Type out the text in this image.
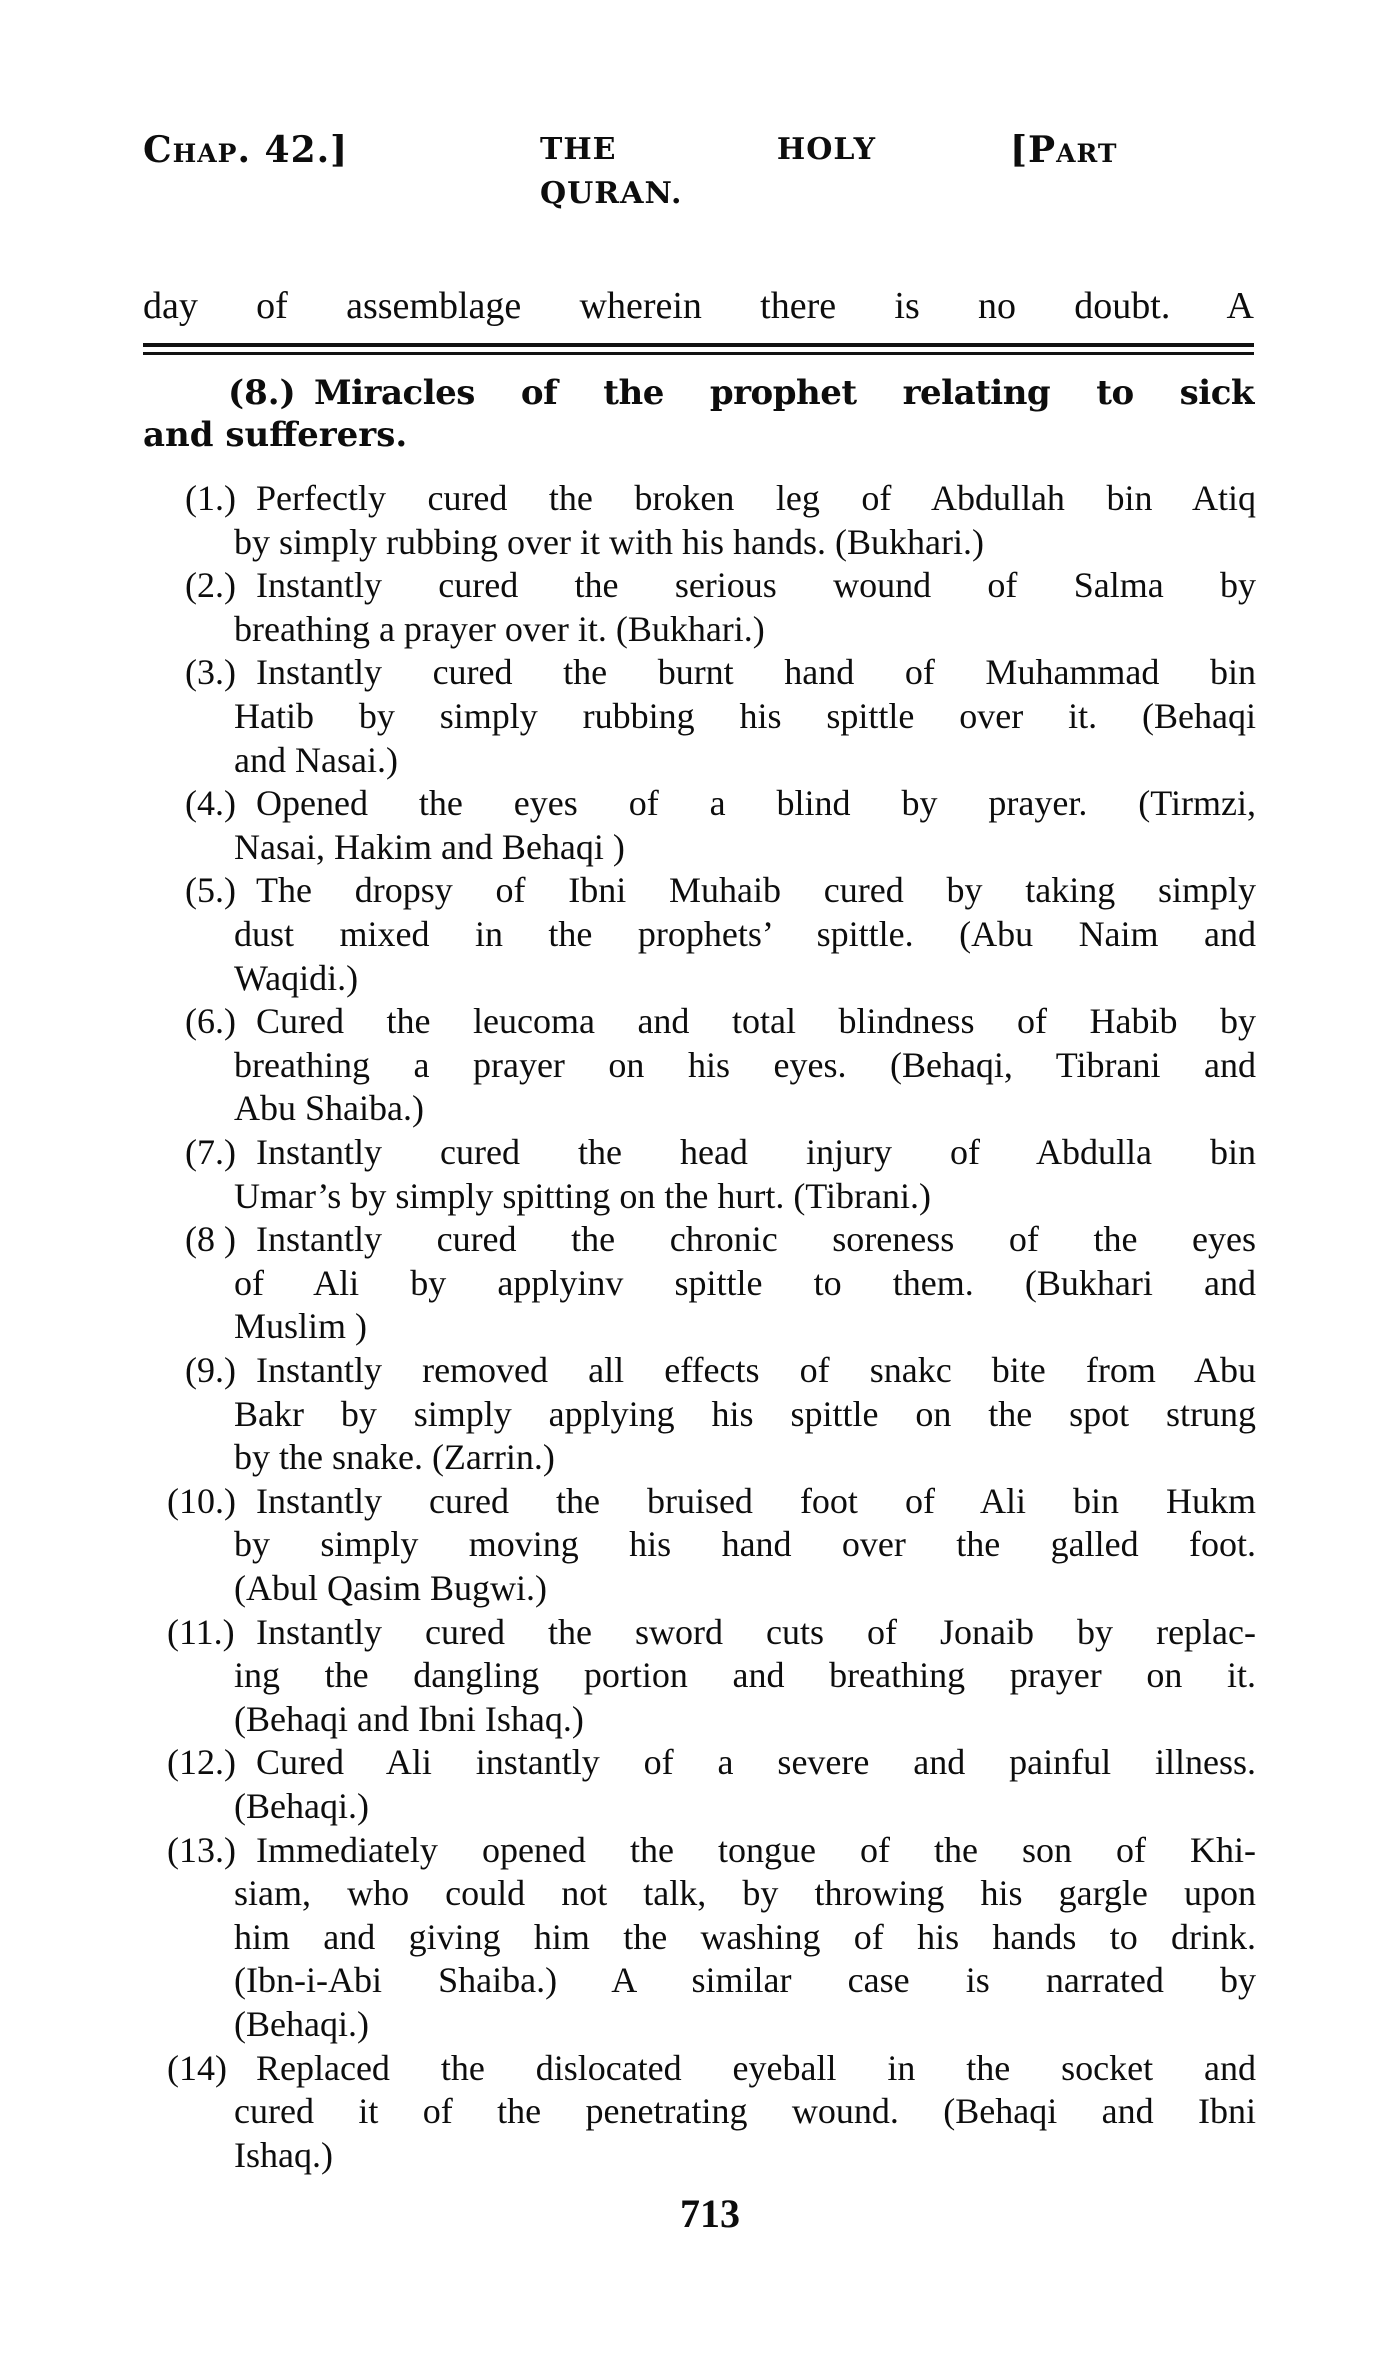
Chap. 42.]	THE HOLY QURAN.
[Part
day of assemblage wherein there is no doubt. A
(8.) Miracles of the prophet relating to sick
and sufferers.
(1.) Perfectly cured the broken leg of Abdullah bin Atiq
by simply rubbing over it with his hands. (Bukhari.)
(2.) Instantly cured the serious wound of Salma by
breathing a prayer over it. (Bukhari.)
(3.) Instantly cured the burnt hand of Muhammad bin
Hatib by simply rubbing his spittle over it. (Behaqi
and Nasai.)
(4.) Opened the eyes of a blind by prayer. (Tirmzi,
Nasai, Hakim and Behaqi )
(5.) The dropsy of Ibni Muhaib cured by taking simply
dust mixed in the prophets’ spittle. (Abu Naim and
Waqidi.)
(6.) Cured the leucoma and total blindness of Habib by
breathing a prayer on his eyes. (Behaqi, Tibrani and
Abu Shaiba.)
(7.) Instantly cured the head injury of Abdulla bin
Umar’s by simply spitting on the hurt. (Tibrani.)
(8 ) Instantly cured the chronic soreness of the eyes
of Ali by applyinv spittle to them. (Bukhari and
Muslim )
(9.) Instantly removed all effects of snakc bite from Abu
Bakr by simply applying his spittle on the spot strung
by the snake. (Zarrin.)
(10.) Instantly cured the bruised foot of Ali bin Hukm
by simply moving his hand over the galled foot.
(Abul Qasim Bugwi.)
(11.) Instantly cured the sword cuts of Jonaib by replac-
ing the dangling portion and breathing prayer on it.
(Behaqi and Ibni Ishaq.)
(12.) Cured Ali instantly of a severe and painful illness.
(Behaqi.)
(13.) Immediately opened the tongue of the son of Khi-
siam, who could not talk, by throwing his gargle upon
him and giving him the washing of his hands to drink.
(Ibn-i-Abi Shaiba.) A similar case is narrated by
(Behaqi.)
(14) Replaced the dislocated eyeball in the socket and
cured it of the penetrating wound. (Behaqi and Ibni
Ishaq.)
713
